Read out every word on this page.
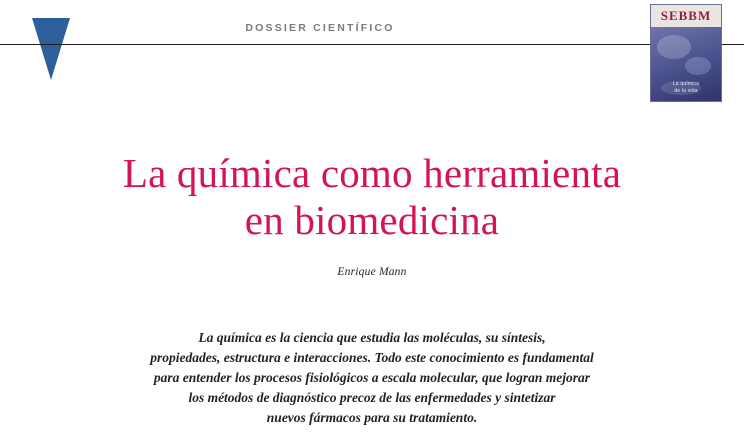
DOSSIER CIENTÍFICO
SEBBM
La química
de la vida
La química como herramienta
en biomedicina
Enrique Mann
La química es la ciencia que estudia las moléculas, su síntesis,
propiedades, estructura e interacciones. Todo este conocimiento es fundamental
para entender los procesos fisiológicos a escala molecular, que logran mejorar
los métodos de diagnóstico precoz de las enfermedades y sintetizar
nuevos fármacos para su tratamiento.
